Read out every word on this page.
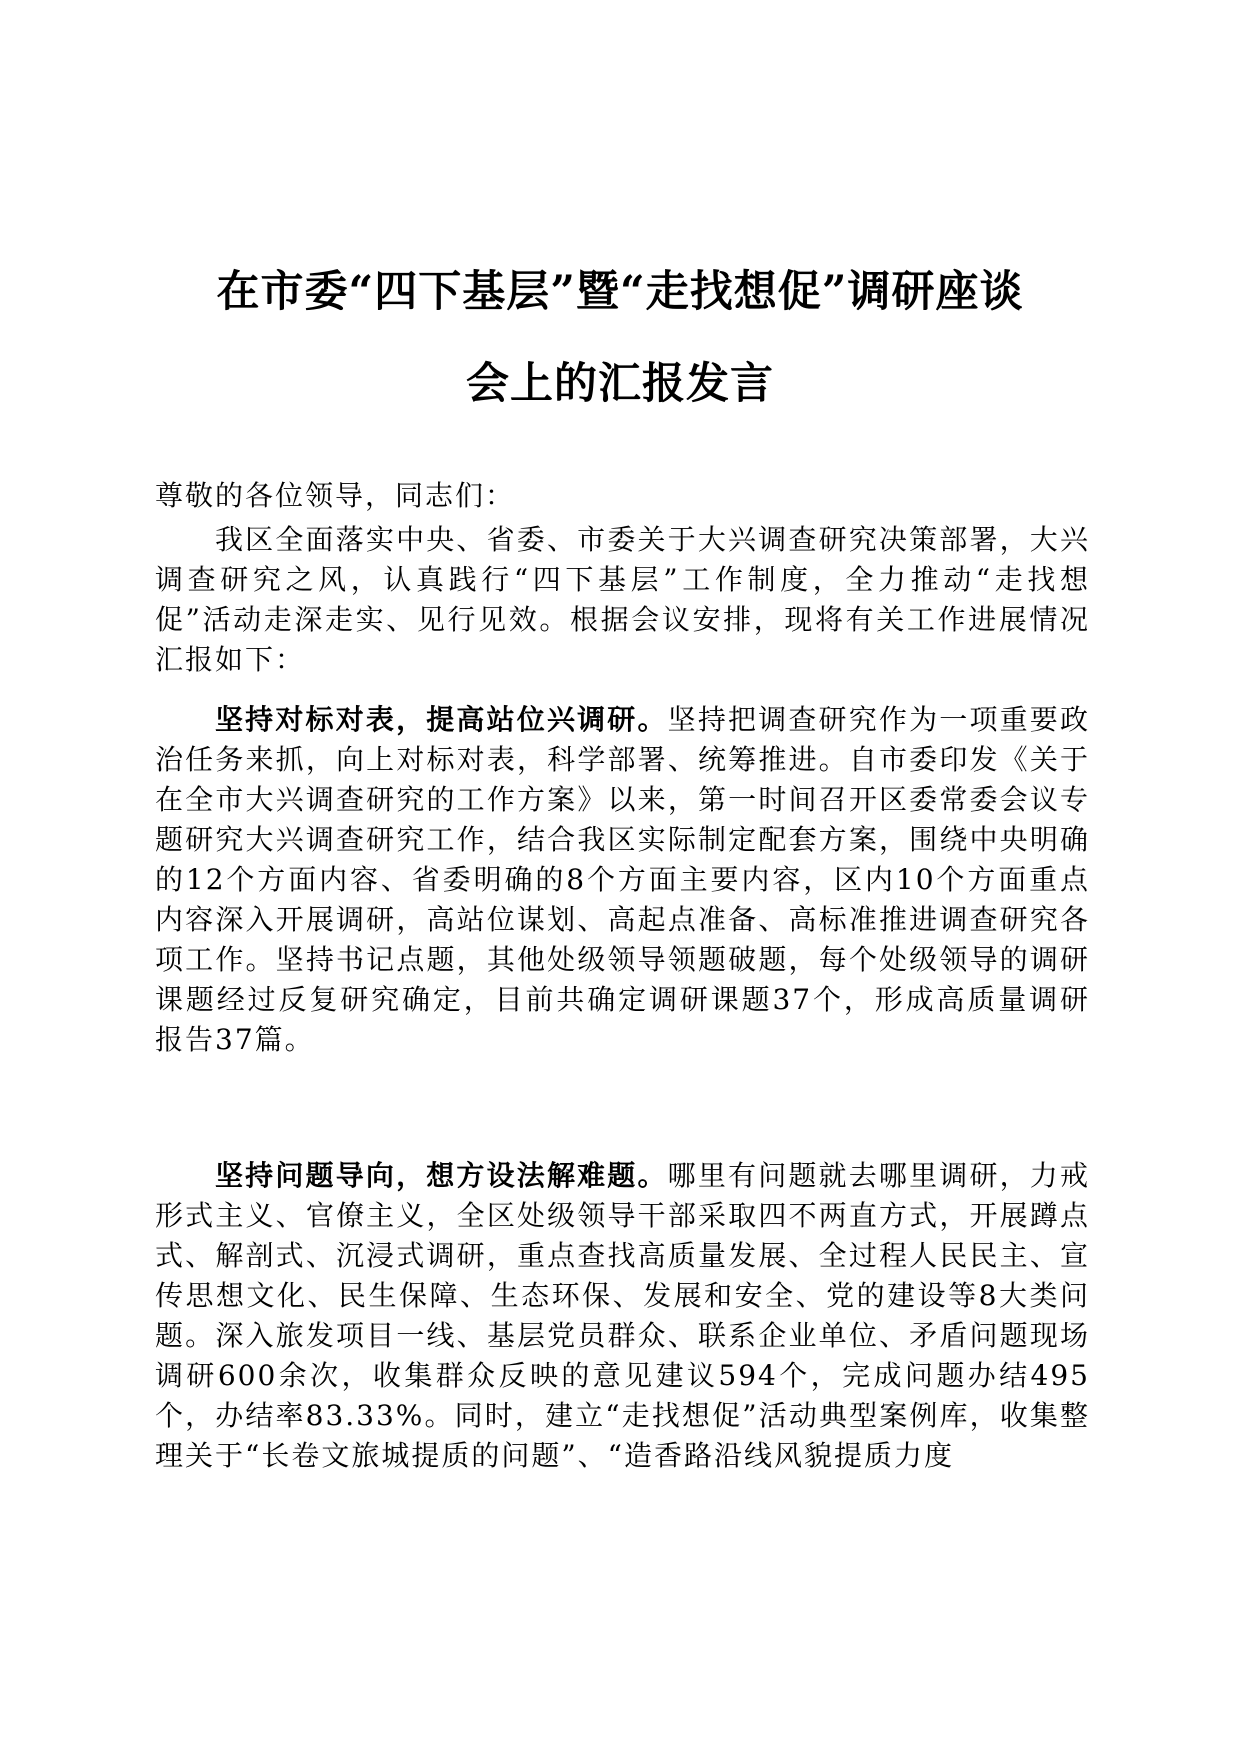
在市委“四下基层”暨“走找想促”调研座谈
会上的汇报发言
尊敬的各位领导，同志们：

我区全面落实中央、省委、市委关于大兴调查研究决策部署，大兴调查研究之风，认真践行“四下基层”工作制度，全力推动“走找想促”活动走深走实、见行见效。根据会议安排，现将有关工作进展情况汇报如下：

坚持对标对表，提高站位兴调研。坚持把调查研究作为一项重要政治任务来抓，向上对标对表，科学部署、统筹推进。自市委印发《关于在全市大兴调查研究的工作方案》以来，第一时间召开区委常委会议专题研究大兴调查研究工作，结合我区实际制定配套方案，围绕中央明确的12个方面内容、省委明确的8个方面主要内容，区内10个方面重点内容深入开展调研，高站位谋划、高起点准备、高标准推进调查研究各项工作。坚持书记点题，其他处级领导领题破题，每个处级领导的调研课题经过反复研究确定，目前共确定调研课题37个，形成高质量调研报告37篇。

坚持问题导向，想方设法解难题。哪里有问题就去哪里调研，力戒形式主义、官僚主义，全区处级领导干部采取四不两直方式，开展蹲点式、解剖式、沉浸式调研，重点查找高质量发展、全过程人民民主、宣传思想文化、民生保障、生态环保、发展和安全、党的建设等8大类问题。深入旅发项目一线、基层党员群众、联系企业单位、矛盾问题现场调研600余次，收集群众反映的意见建议594个，完成问题办结495个，办结率83.33%。同时，建立“走找想促”活动典型案例库，收集整理关于“长卷文旅城提质的问题”、“造香路沿线风貌提质力度
